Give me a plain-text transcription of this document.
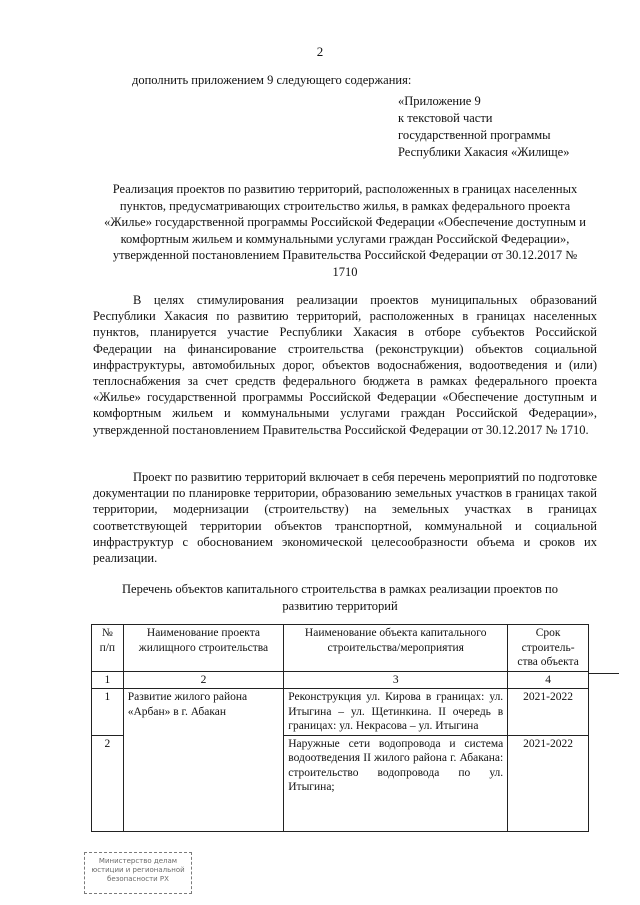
2
дополнить приложением 9 следующего содержания:
«Приложение 9
к текстовой части
государственной программы
Республики Хакасия «Жилище»
Реализация проектов по развитию территорий, расположенных в границах населенных пунктов, предусматривающих строительство жилья, в рамках федерального проекта «Жилье» государственной программы Российской Федерации «Обеспечение доступным и комфортным жильем и коммунальными услугами граждан Российской Федерации», утвержденной постановлением Правительства Российской Федерации от 30.12.2017 № 1710
В целях стимулирования реализации проектов муниципальных образований Республики Хакасия по развитию территорий, расположенных в границах населенных пунктов, планируется участие Республики Хакасия в отборе субъектов Российской Федерации на финансирование строительства (реконструкции) объектов социальной инфраструктуры, автомобильных дорог, объектов водоснабжения, водоотведения и (или) теплоснабжения за счет средств федерального бюджета в рамках федерального проекта «Жилье» государственной программы Российской Федерации «Обеспечение доступным и комфортным жильем и коммунальными услугами граждан Российской Федерации», утвержденной постановлением Правительства Российской Федерации от 30.12.2017 № 1710.
Проект по развитию территорий включает в себя перечень мероприятий по подготовке документации по планировке территории, образованию земельных участков в границах такой территории, модернизации (строительству) на земельных участках в границах соответствующей территории объектов транспортной, коммунальной и социальной инфраструктур с обоснованием экономической целесообразности объема и сроков их реализации.
Перечень объектов капитального строительства в рамках реализации проектов по развитию территорий
№ п/п	Наименование проекта жилищного строительства	Наименование объекта капитального строительства/мероприятия	Срок строитель-ства объекта
1	2	3	4
1	Развитие жилого района «Арбан» в г. Абакан	Реконструкция ул. Кирова в границах: ул. Итыгина – ул. Щетинкина. II очередь в границах: ул. Некрасова – ул. Итыгина	2021-2022
2		Наружные сети водопровода и система водоотведения II жилого района г. Абакана: строительство водопровода по ул. Итыгина;	2021-2022
Министерство делам юстиции и региональной безопасности РХ
